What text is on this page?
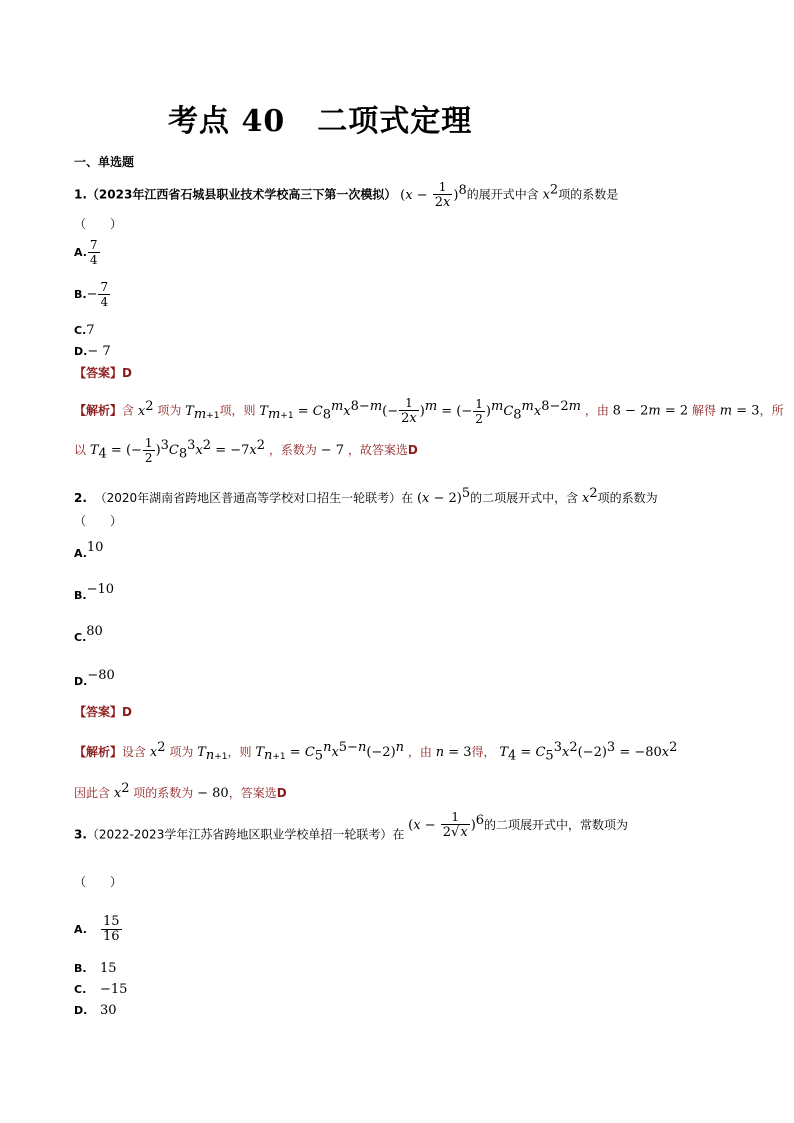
考点 40 二项式定理
一、单选题
1.（2023年江西省石城县职业技术学校高三下第一次模拟） $(x - \frac{1}{2x} )^8$的展开式中含 $x^2$项的系数是
（　　）
A. $\frac{7}{4}$
$B.- \frac{7}{4}$
C.7
D.− 7
【答案】D
【解析】含 $x^2$ 项为 $T_{m+1}$项，则 $T_{m+1} = C_8^mx^{8-m}(- \frac{1}{2x} )^m$ = (− $\frac{1}{2} )^mC_8^mx^{8-2m}$ ，由 8 − 2m = 2 解得 m = 3，所
以 $T_4$ = (− $\frac{1}{2} )^3C_8^3x^2 = -7x^2$ ，系数为 − 7 ，故答案选D
2. （2020年湖南省跨地区普通高等学校对口招生一轮联考）在 $(x - 2)^5$的二项展开式中，含 $x^2$项的系数为
（　　）
A.10
B.−10
C.80
D.−80
【答案】D
【解析】设含 $x^2$ 项为 $T_{n+1}$，则 $T_{n+1} = C_5^nx^{5-n}(-2)^n$ ，由 n = 3得， $T_4 = C_5^3x^2(-2)^3 = -80x^2$
因此含 $x^2$ 项的系数为 − 80，答案选D
3.（2022-2023学年江苏省跨地区职业学校单招一轮联考）在 $(x - \frac{1}{2√x} )^6$的二项展开式中，常数项为
（　　）
A. $\frac{15}{16}$
B. 15
C. −15
D. 30
